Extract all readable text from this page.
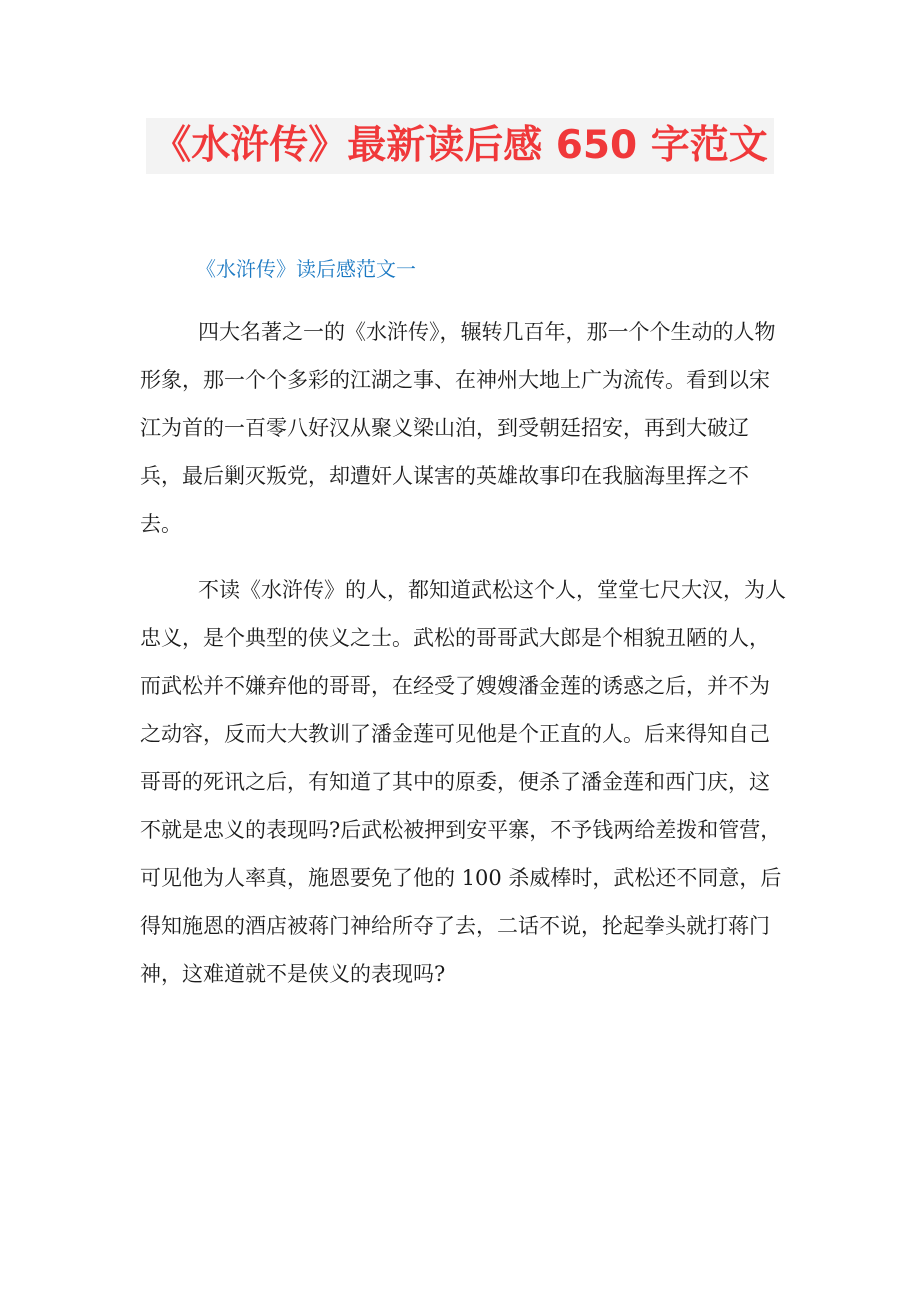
《水浒传》最新读后感 650 字范文
《水浒传》读后感范文一

四大名著之一的《水浒传》，辗转几百年，那一个个生动的人物形象，那一个个多彩的江湖之事、在神州大地上广为流传。看到以宋江为首的一百零八好汉从聚义梁山泊，到受朝廷招安，再到大破辽兵，最后剿灭叛党，却遭奸人谋害的英雄故事印在我脑海里挥之不去。

不读《水浒传》的人，都知道武松这个人，堂堂七尺大汉，为人忠义，是个典型的侠义之士。武松的哥哥武大郎是个相貌丑陋的人，而武松并不嫌弃他的哥哥，在经受了嫂嫂潘金莲的诱惑之后，并不为之动容，反而大大教训了潘金莲可见他是个正直的人。后来得知自己哥哥的死讯之后，有知道了其中的原委，便杀了潘金莲和西门庆，这不就是忠义的表现吗?后武松被押到安平寨，不予钱两给差拨和管营，可见他为人率真，施恩要免了他的 100 杀威棒时，武松还不同意，后得知施恩的酒店被蒋门神给所夺了去，二话不说，抡起拳头就打蒋门神，这难道就不是侠义的表现吗?
